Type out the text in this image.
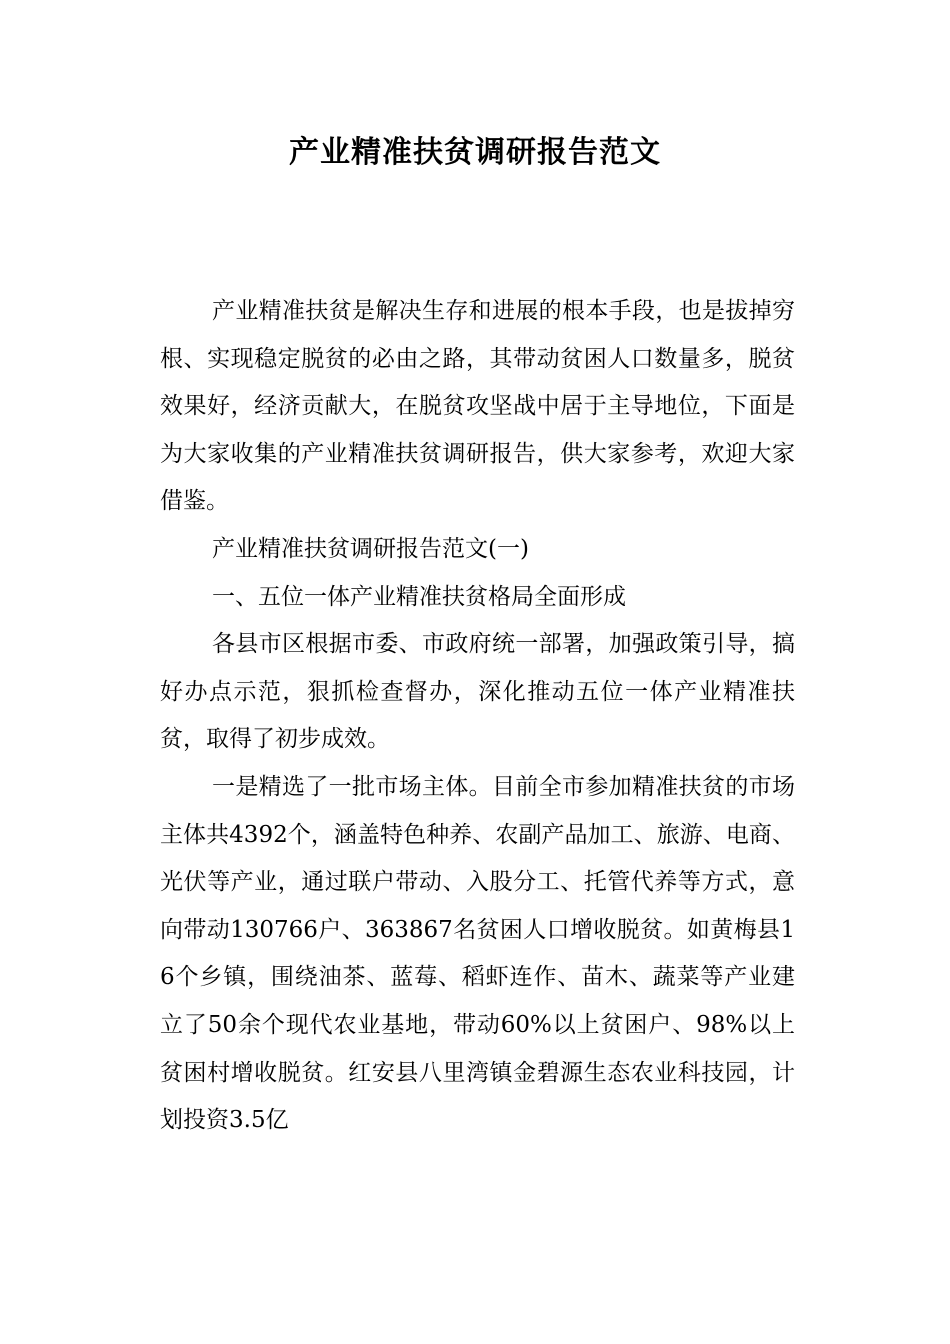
产业精准扶贫调研报告范文

产业精准扶贫是解决生存和进展的根本手段，也是拔掉穷根、实现稳定脱贫的必由之路，其带动贫困人口数量多，脱贫效果好，经济贡献大，在脱贫攻坚战中居于主导地位，下面是为大家收集的产业精准扶贫调研报告，供大家参考，欢迎大家借鉴。

产业精准扶贫调研报告范文(一)

一、五位一体产业精准扶贫格局全面形成

各县市区根据市委、市政府统一部署，加强政策引导，搞好办点示范，狠抓检查督办，深化推动五位一体产业精准扶贫，取得了初步成效。

一是精选了一批市场主体。目前全市参加精准扶贫的市场主体共4392个，涵盖特色种养、农副产品加工、旅游、电商、光伏等产业，通过联户带动、入股分工、托管代养等方式，意向带动130766户、363867名贫困人口增收脱贫。如黄梅县16个乡镇，围绕油茶、蓝莓、稻虾连作、苗木、蔬菜等产业建立了50余个现代农业基地，带动60%以上贫困户、98%以上贫困村增收脱贫。红安县八里湾镇金碧源生态农业科技园，计划投资3.5亿
